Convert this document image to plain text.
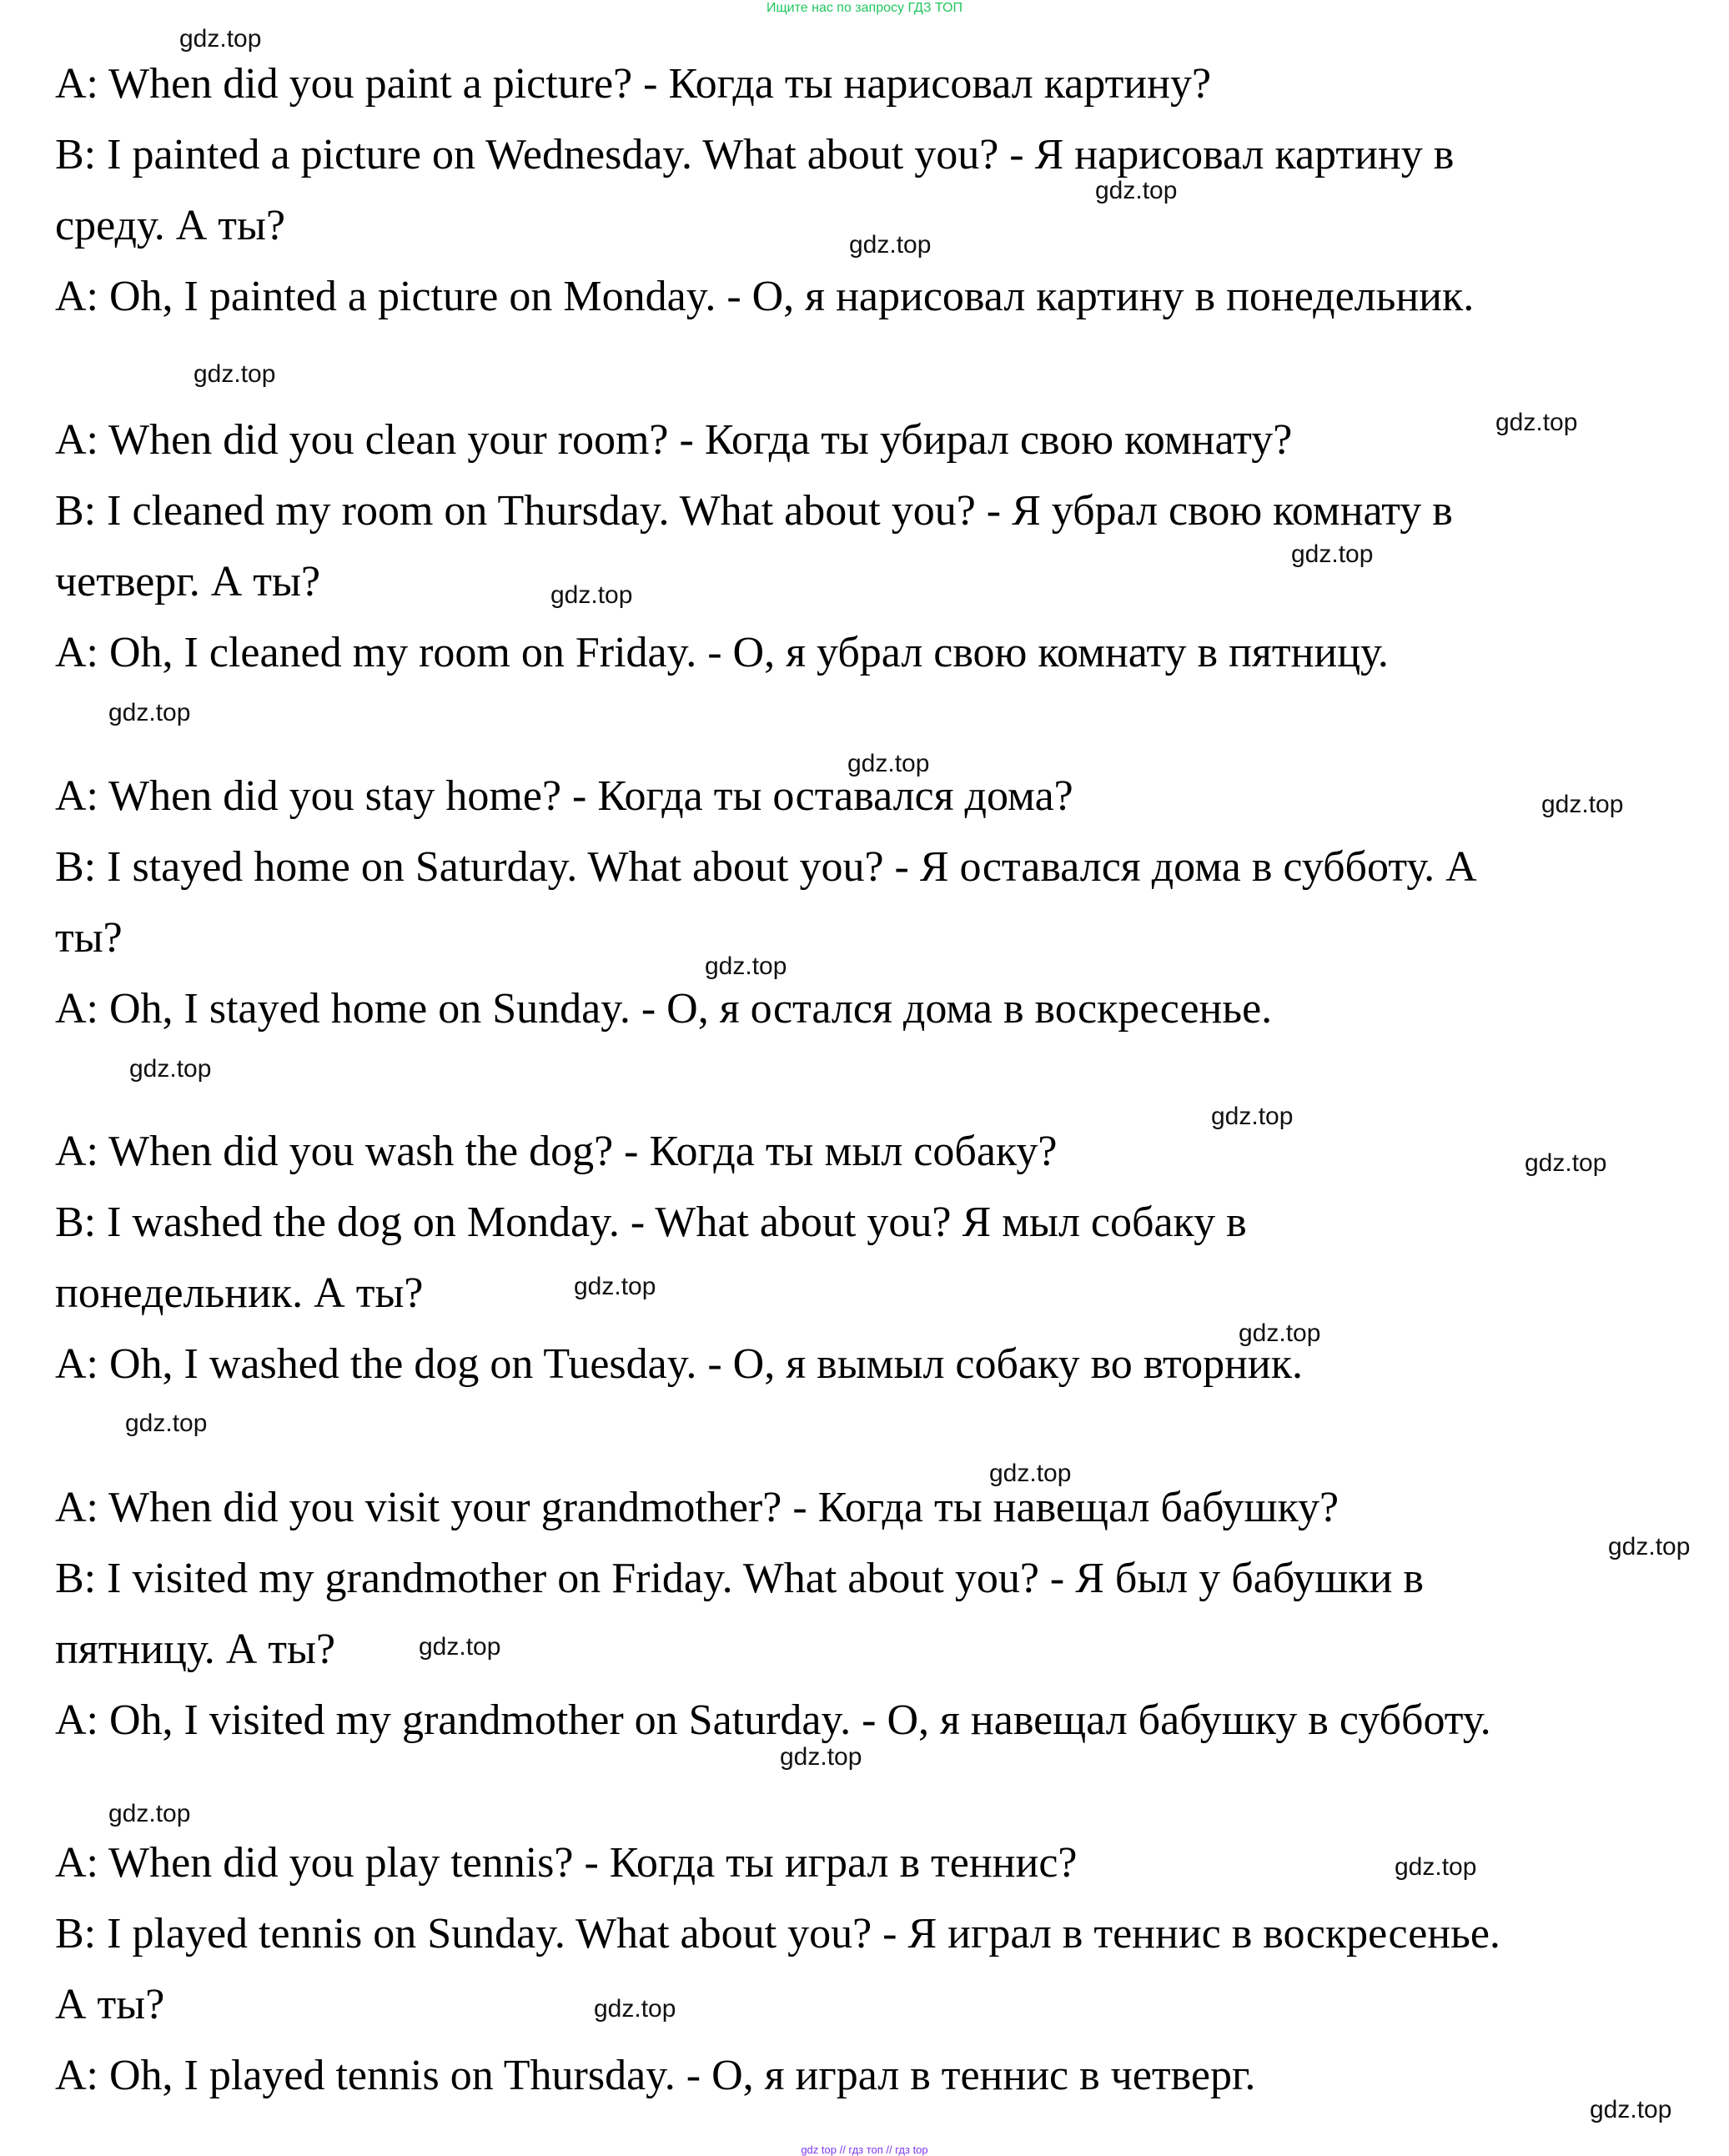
Ищите нас по запросу ГДЗ ТОП
A: When did you paint a picture? - Когда ты нарисовал картину?
B: I painted a picture on Wednesday. What about you? - Я нарисовал картину в
среду. А ты?
A: Oh, I painted a picture on Monday. - О, я нарисовал картину в понедельник.
A: When did you clean your room? - Когда ты убирал свою комнату?
B: I cleaned my room on Thursday. What about you? - Я убрал свою комнату в
четверг. А ты?
A: Oh, I cleaned my room on Friday. - О, я убрал свою комнату в пятницу.
A: When did you stay home? - Когда ты оставался дома?
B: I stayed home on Saturday. What about you? - Я оставался дома в субботу. А
ты?
A: Oh, I stayed home on Sunday. - О, я остался дома в воскресенье.
A: When did you wash the dog? - Когда ты мыл собаку?
B: I washed the dog on Monday. - What about you? Я мыл собаку в
понедельник. А ты?
A: Oh, I washed the dog on Tuesday. - О, я вымыл собаку во вторник.
A: When did you visit your grandmother? - Когда ты навещал бабушку?
B: I visited my grandmother on Friday. What about you? - Я был у бабушки в
пятницу. А ты?
A: Oh, I visited my grandmother on Saturday. - О, я навещал бабушку в субботу.
A: When did you play tennis? - Когда ты играл в теннис?
B: I played tennis on Sunday. What about you? - Я играл в теннис в воскресенье.
А ты?
A: Oh, I played tennis on Thursday. - О, я играл в теннис в четверг.
gdz.top
gdz.top
gdz.top
gdz.top
gdz.top
gdz.top
gdz.top
gdz.top
gdz.top
gdz.top
gdz.top
gdz.top
gdz.top
gdz.top
gdz.top
gdz.top
gdz.top
gdz.top
gdz.top
gdz.top
gdz.top
gdz.top
gdz.top
gdz.top
gdz.top
gdz top // гдз топ // гдз top
